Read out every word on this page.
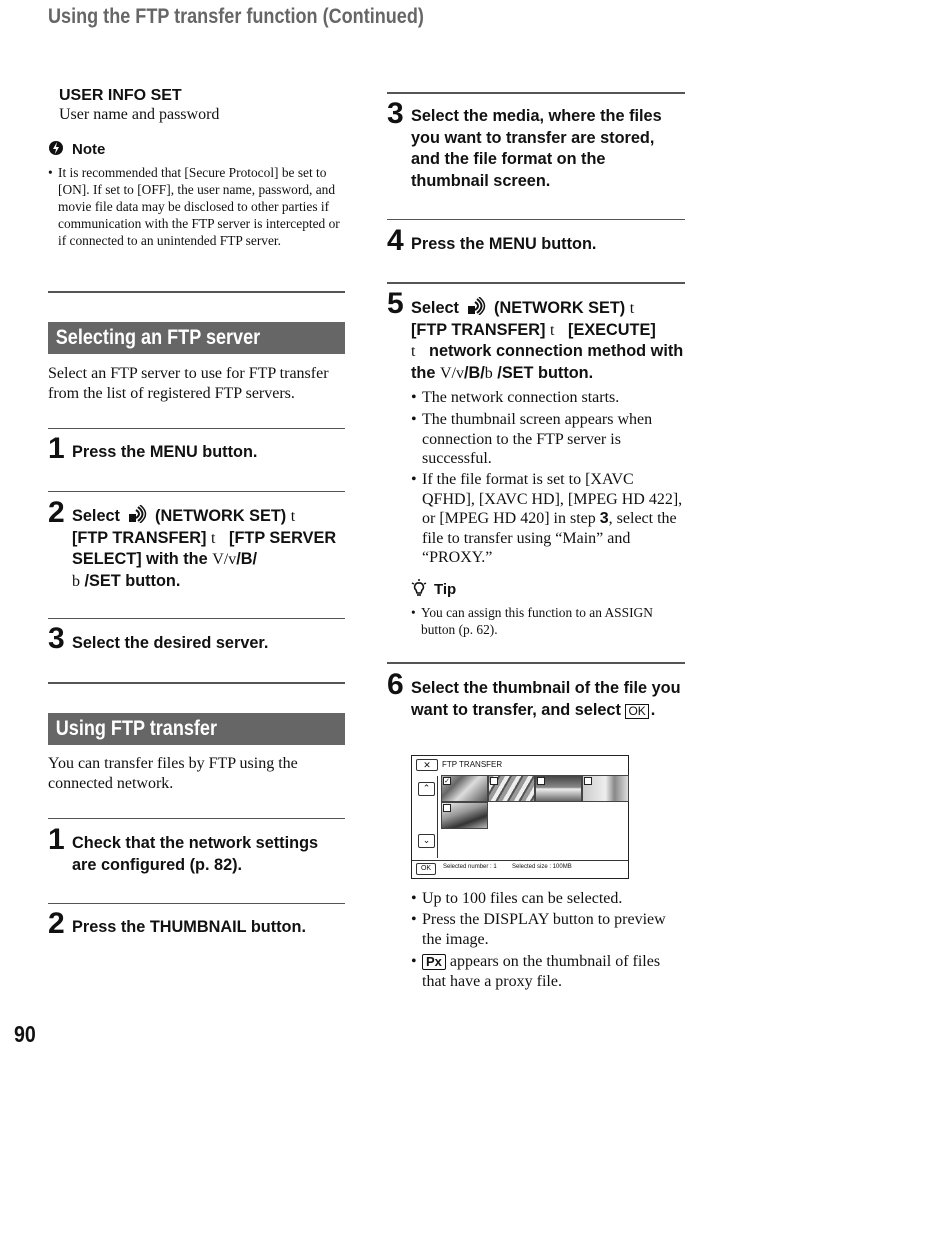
Using the FTP transfer function (Continued)
USER INFO SET
User name and password
Note
• It is recommended that [Secure Protocol] be set to [ON]. If set to [OFF], the user name, password, and movie file data may be disclosed to other parties if communication with the FTP server is intercepted or if connected to an unintended FTP server.
Selecting an FTP server
Select an FTP server to use for FTP transfer from the list of registered FTP servers.
1 Press the MENU button.
2 Select (NETWORK SET) t
[FTP TRANSFER] t [FTP SERVER SELECT] with the V/v/B/
b /SET button.
3 Select the desired server.
Using FTP transfer
You can transfer files by FTP using the connected network.
1 Check that the network settings are configured (p. 82).
2 Press the THUMBNAIL button.
3 Select the media, where the files you want to transfer are stored, and the file format on the thumbnail screen.
4 Press the MENU button.
5 Select (NETWORK SET) t
[FTP TRANSFER] t [EXECUTE]
t network connection method with the V/v/B/b /SET button.
• The network connection starts.
• The thumbnail screen appears when connection to the FTP server is successful.
• If the file format is set to [XAVC QFHD], [XAVC HD], [MPEG HD 422], or [MPEG HD 420] in step 3, select the file to transfer using “Main” and “PROXY.”
Tip
• You can assign this function to an ASSIGN button (p. 62).
6 Select the thumbnail of the file you want to transfer, and select OK .
✕	FTP TRANSFER
⌃
⌄
✓
OK	Selected number : 1	Selected size : 100MB
• Up to 100 files can be selected.
• Press the DISPLAY button to preview the image.
• Px appears on the thumbnail of files that have a proxy file.
90
